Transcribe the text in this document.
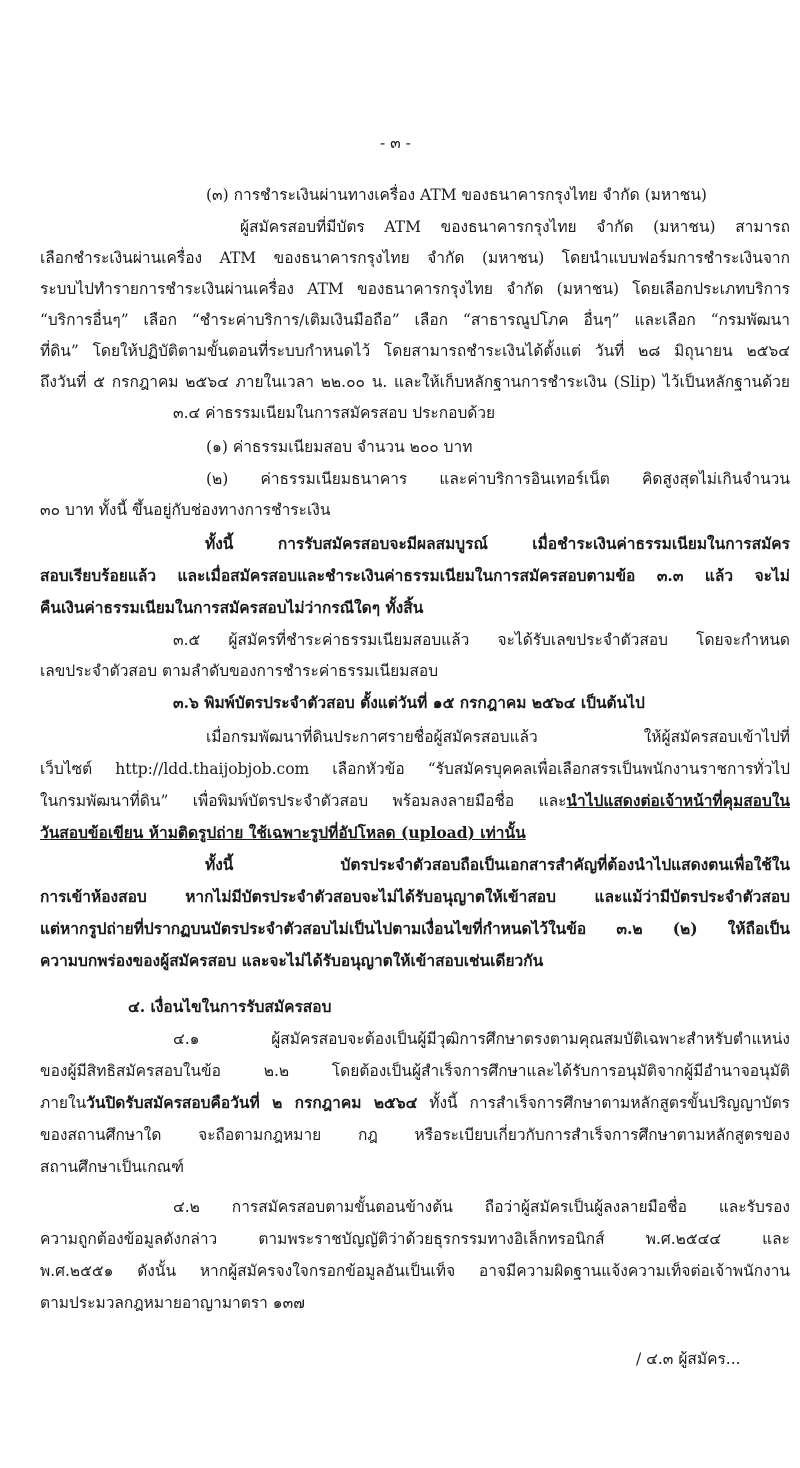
- ๓ -
(๓) การชำระเงินผ่านทางเครื่อง ATM ของธนาคารกรุงไทย จำกัด (มหาชน)
ผู้สมัครสอบที่มีบัตร ATM ของธนาคารกรุงไทย จำกัด (มหาชน) สามารถ
เลือกชำระเงินผ่านเครื่อง ATM ของธนาคารกรุงไทย จำกัด (มหาชน) โดยนำแบบฟอร์มการชำระเงินจาก
ระบบไปทำรายการชำระเงินผ่านเครื่อง ATM ของธนาคารกรุงไทย จำกัด (มหาชน) โดยเลือกประเภทบริการ
“บริการอื่นๆ” เลือก “ชำระค่าบริการ/เติมเงินมือถือ” เลือก “สาธารณูปโภค อื่นๆ” และเลือก “กรมพัฒนา
ที่ดิน” โดยให้ปฏิบัติตามขั้นตอนที่ระบบกำหนดไว้ โดยสามารถชำระเงินได้ตั้งแต่ วันที่ ๒๘ มิถุนายน ๒๕๖๔
ถึงวันที่ ๕ กรกฎาคม ๒๕๖๔ ภายในเวลา ๒๒.๐๐ น. และให้เก็บหลักฐานการชำระเงิน (Slip) ไว้เป็นหลักฐานด้วย
๓.๔ ค่าธรรมเนียมในการสมัครสอบ ประกอบด้วย
(๑) ค่าธรรมเนียมสอบ จำนวน ๒๐๐ บาท
(๒) ค่าธรรมเนียมธนาคาร และค่าบริการอินเทอร์เน็ต คิดสูงสุดไม่เกินจำนวน
๓๐ บาท ทั้งนี้ ขึ้นอยู่กับช่องทางการชำระเงิน
ทั้งนี้ การรับสมัครสอบจะมีผลสมบูรณ์ เมื่อชำระเงินค่าธรรมเนียมในการสมัคร
สอบเรียบร้อยแล้ว และเมื่อสมัครสอบและชำระเงินค่าธรรมเนียมในการสมัครสอบตามข้อ ๓.๓ แล้ว จะไม่
คืนเงินค่าธรรมเนียมในการสมัครสอบไม่ว่ากรณีใดๆ ทั้งสิ้น
๓.๕ ผู้สมัครที่ชำระค่าธรรมเนียมสอบแล้ว จะได้รับเลขประจำตัวสอบ โดยจะกำหนด
เลขประจำตัวสอบ ตามลำดับของการชำระค่าธรรมเนียมสอบ
๓.๖ พิมพ์บัตรประจำตัวสอบ ตั้งแต่วันที่ ๑๕ กรกฎาคม ๒๕๖๔ เป็นต้นไป
เมื่อกรมพัฒนาที่ดินประกาศรายชื่อผู้สมัครสอบแล้ว ให้ผู้สมัครสอบเข้าไปที่
เว็บไซต์ http://ldd.thaijobjob.com เลือกหัวข้อ “รับสมัครบุคคลเพื่อเลือกสรรเป็นพนักงานราชการทั่วไป
ในกรมพัฒนาที่ดิน” เพื่อพิมพ์บัตรประจำตัวสอบ พร้อมลงลายมือชื่อ และนำไปแสดงต่อเจ้าหน้าที่คุมสอบใน
วันสอบข้อเขียน ห้ามติดรูปถ่าย ใช้เฉพาะรูปที่อัปโหลด (upload) เท่านั้น
ทั้งนี้ บัตรประจำตัวสอบถือเป็นเอกสารสำคัญที่ต้องนำไปแสดงตนเพื่อใช้ใน
การเข้าห้องสอบ หากไม่มีบัตรประจำตัวสอบจะไม่ได้รับอนุญาตให้เข้าสอบ และแม้ว่ามีบัตรประจำตัวสอบ
แต่หากรูปถ่ายที่ปรากฏบนบัตรประจำตัวสอบไม่เป็นไปตามเงื่อนไขที่กำหนดไว้ในข้อ ๓.๒ (๒) ให้ถือเป็น
ความบกพร่องของผู้สมัครสอบ และจะไม่ได้รับอนุญาตให้เข้าสอบเช่นเดียวกัน
๔. เงื่อนไขในการรับสมัครสอบ
๔.๑ ผู้สมัครสอบจะต้องเป็นผู้มีวุฒิการศึกษาตรงตามคุณสมบัติเฉพาะสำหรับตำแหน่ง
ของผู้มีสิทธิสมัครสอบในข้อ ๒.๒ โดยต้องเป็นผู้สำเร็จการศึกษาและได้รับการอนุมัติจากผู้มีอำนาจอนุมัติ
ภายในวันปิดรับสมัครสอบคือวันที่ ๒ กรกฎาคม ๒๕๖๔ ทั้งนี้ การสำเร็จการศึกษาตามหลักสูตรขั้นปริญญาบัตร
ของสถานศึกษาใด จะถือตามกฎหมาย กฎ หรือระเบียบเกี่ยวกับการสำเร็จการศึกษาตามหลักสูตรของ
สถานศึกษาเป็นเกณฑ์
๔.๒ การสมัครสอบตามขั้นตอนข้างต้น ถือว่าผู้สมัครเป็นผู้ลงลายมือชื่อ และรับรอง
ความถูกต้องข้อมูลดังกล่าว ตามพระราชบัญญัติว่าด้วยธุรกรรมทางอิเล็กทรอนิกส์ พ.ศ.๒๕๔๔ และ
พ.ศ.๒๕๕๑ ดังนั้น หากผู้สมัครจงใจกรอกข้อมูลอันเป็นเท็จ อาจมีความผิดฐานแจ้งความเท็จต่อเจ้าพนักงาน
ตามประมวลกฎหมายอาญามาตรา ๑๓๗
/ ๔.๓ ผู้สมัคร...
